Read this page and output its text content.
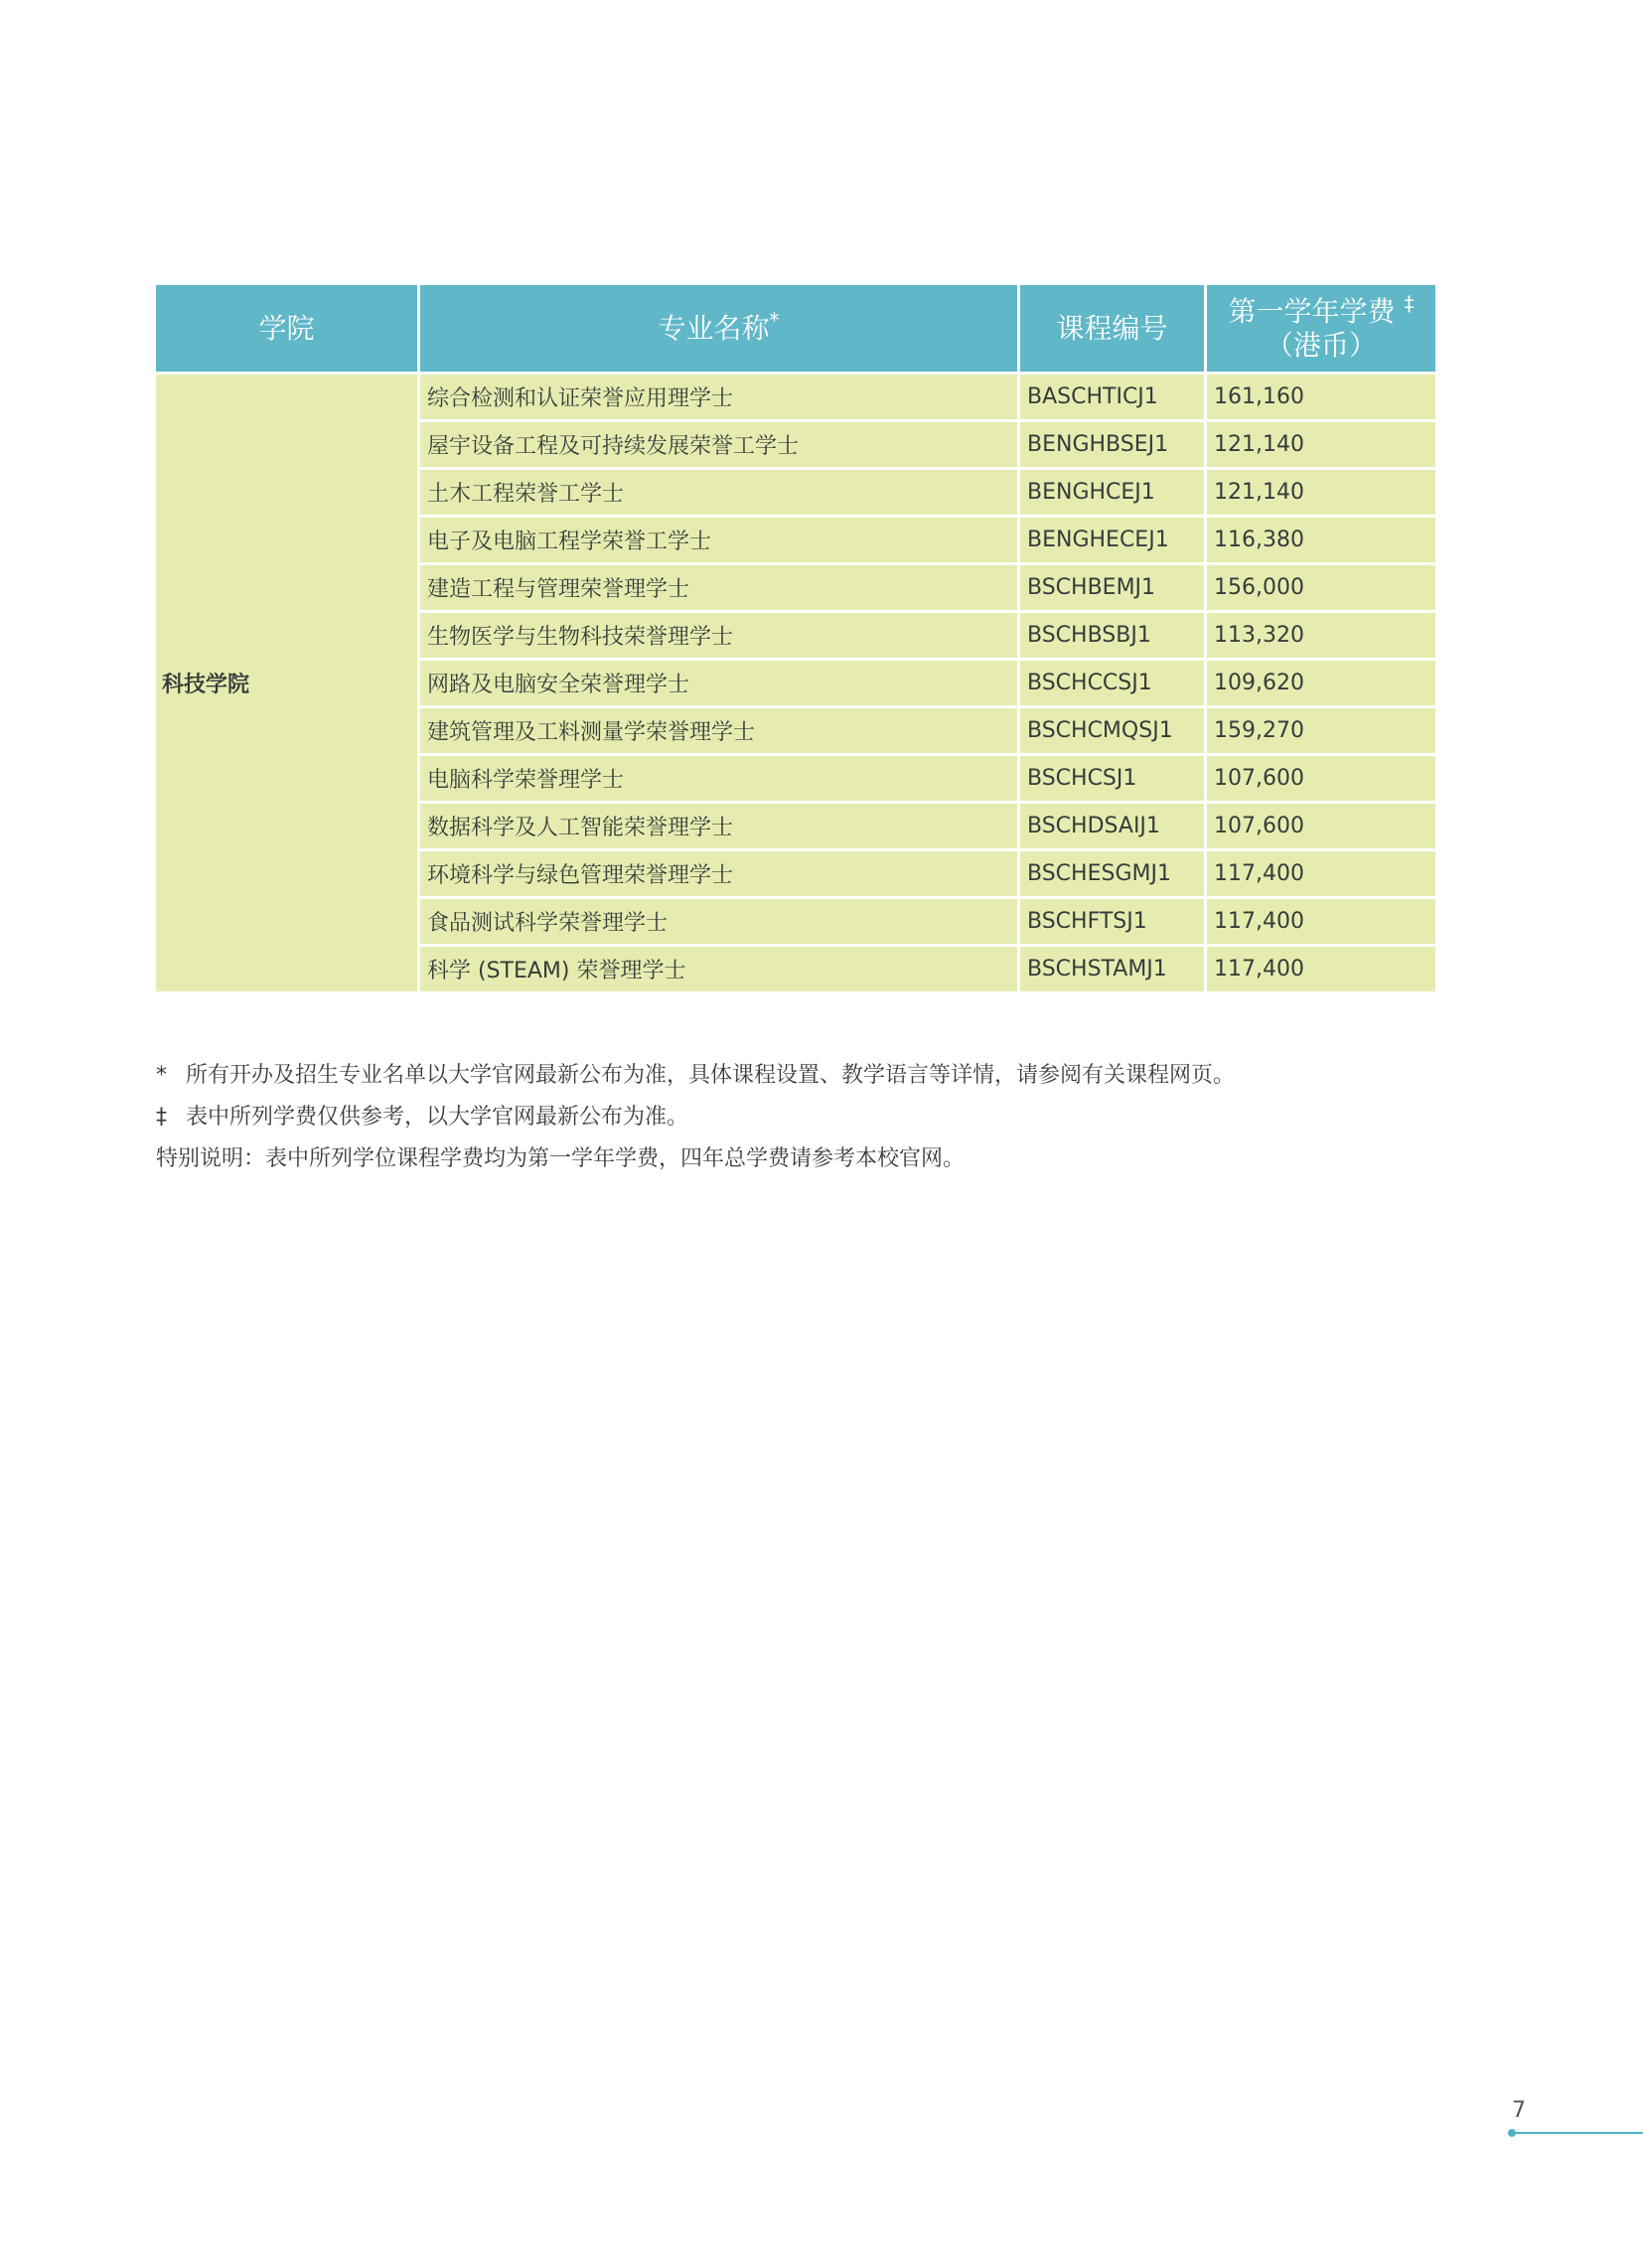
学院	专业名称*	课程编号	第一学年学费 ‡
（港币）
科技学院	综合检测和认证荣誉应用理学士	BASCHTICJ1	161,160
	屋宇设备工程及可持续发展荣誉工学士	BENGHBSEJ1	121,140
	土木工程荣誉工学士	BENGHCEJ1	121,140
	电子及电脑工程学荣誉工学士	BENGHECEJ1	116,380
	建造工程与管理荣誉理学士	BSCHBEMJ1	156,000
	生物医学与生物科技荣誉理学士	BSCHBSBJ1	113,320
	网路及电脑安全荣誉理学士	BSCHCCSJ1	109,620
	建筑管理及工料测量学荣誉理学士	BSCHCMQSJ1	159,270
	电脑科学荣誉理学士	BSCHCSJ1	107,600
	数据科学及人工智能荣誉理学士	BSCHDSAIJ1	107,600
	环境科学与绿色管理荣誉理学士	BSCHESGMJ1	117,400
	食品测试科学荣誉理学士	BSCHFTSJ1	117,400
	科学 (STEAM) 荣誉理学士	BSCHSTAMJ1	117,400

* 所有开办及招生专业名单以大学官网最新公布为准，具体课程设置、教学语言等详情，请参阅有关课程网页。

‡ 表中所列学费仅供参考，以大学官网最新公布为准。

特别说明：表中所列学位课程学费均为第一学年学费，四年总学费请参考本校官网。

7
